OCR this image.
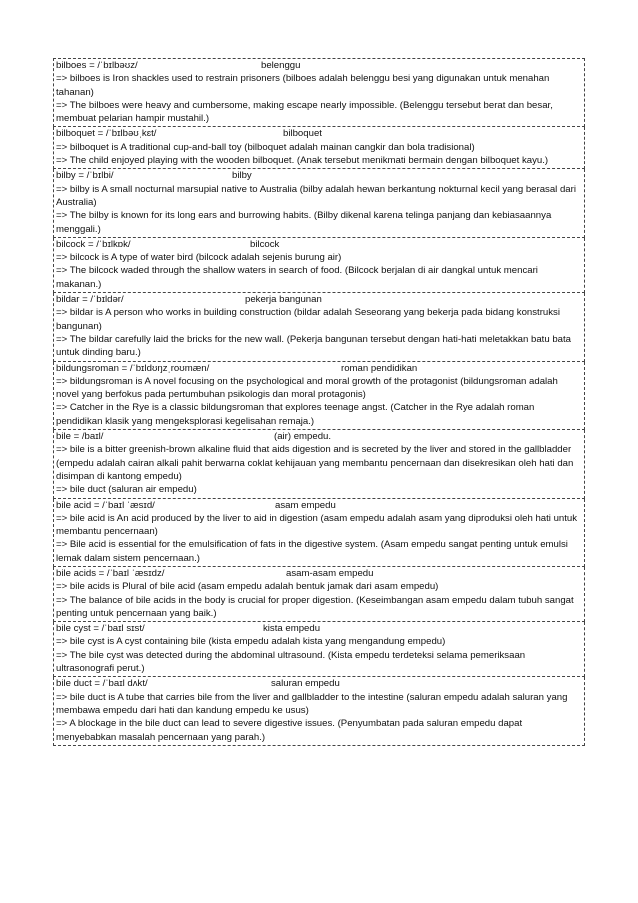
bilboes = /ˈbɪlbəʊz/	belenggu
=> bilboes is Iron shackles used to restrain prisoners (bilboes adalah belenggu besi yang digunakan untuk menahan tahanan)
=> The bilboes were heavy and cumbersome, making escape nearly impossible. (Belenggu tersebut berat dan besar, membuat pelarian hampir mustahil.)
bilboquet = /ˈbɪlbəʊˌkɛt/	bilboquet
=> bilboquet is A traditional cup-and-ball toy (bilboquet adalah mainan cangkir dan bola tradisional)
=> The child enjoyed playing with the wooden bilboquet. (Anak tersebut menikmati bermain dengan bilboquet kayu.)
bilby = /ˈbɪlbi/	bilby
=> bilby is A small nocturnal marsupial native to Australia (bilby adalah hewan berkantung nokturnal kecil yang berasal dari Australia)
=> The bilby is known for its long ears and burrowing habits. (Bilby dikenal karena telinga panjang dan kebiasaannya menggali.)
bilcock = /ˈbɪlkɒk/	bilcock
=> bilcock is A type of water bird (bilcock adalah sejenis burung air)
=> The bilcock waded through the shallow waters in search of food. (Bilcock berjalan di air dangkal untuk mencari makanan.)
bildar = /ˈbɪldər/	pekerja bangunan
=> bildar is A person who works in building construction (bildar adalah Seseorang yang bekerja pada bidang konstruksi bangunan)
=> The bildar carefully laid the bricks for the new wall. (Pekerja bangunan tersebut dengan hati-hati meletakkan batu bata untuk dinding baru.)
bildungsroman = /ˈbɪldʊŋzˌroʊmæn/	roman pendidikan
=> bildungsroman is A novel focusing on the psychological and moral growth of the protagonist (bildungsroman adalah novel yang berfokus pada pertumbuhan psikologis dan moral protagonis)
=> Catcher in the Rye is a classic bildungsroman that explores teenage angst. (Catcher in the Rye adalah roman pendidikan klasik yang mengeksplorasi kegelisahan remaja.)
bile = /baɪl/	(air) empedu.
=> bile is a bitter greenish-brown alkaline fluid that aids digestion and is secreted by the liver and stored in the gallbladder (empedu adalah cairan alkali pahit berwarna coklat kehijauan yang membantu pencernaan dan disekresikan oleh hati dan disimpan di kantong empedu)
=> bile duct (saluran air empedu)
bile acid = /ˈbaɪl ˈæsɪd/	asam empedu
=> bile acid is An acid produced by the liver to aid in digestion (asam empedu adalah asam yang diproduksi oleh hati untuk membantu pencernaan)
=> Bile acid is essential for the emulsification of fats in the digestive system. (Asam empedu sangat penting untuk emulsi lemak dalam sistem pencernaan.)
bile acids = /ˈbaɪl ˈæsɪdz/	asam-asam empedu
=> bile acids is Plural of bile acid (asam empedu adalah bentuk jamak dari asam empedu)
=> The balance of bile acids in the body is crucial for proper digestion. (Keseimbangan asam empedu dalam tubuh sangat penting untuk pencernaan yang baik.)
bile cyst = /ˈbaɪl sɪst/	kista empedu
=> bile cyst is A cyst containing bile (kista empedu adalah kista yang mengandung empedu)
=> The bile cyst was detected during the abdominal ultrasound. (Kista empedu terdeteksi selama pemeriksaan ultrasonografi perut.)
bile duct = /ˈbaɪl dʌkt/	saluran empedu
=> bile duct is A tube that carries bile from the liver and gallbladder to the intestine (saluran empedu adalah saluran yang membawa empedu dari hati dan kandung empedu ke usus)
=> A blockage in the bile duct can lead to severe digestive issues. (Penyumbatan pada saluran empedu dapat menyebabkan masalah pencernaan yang parah.)
